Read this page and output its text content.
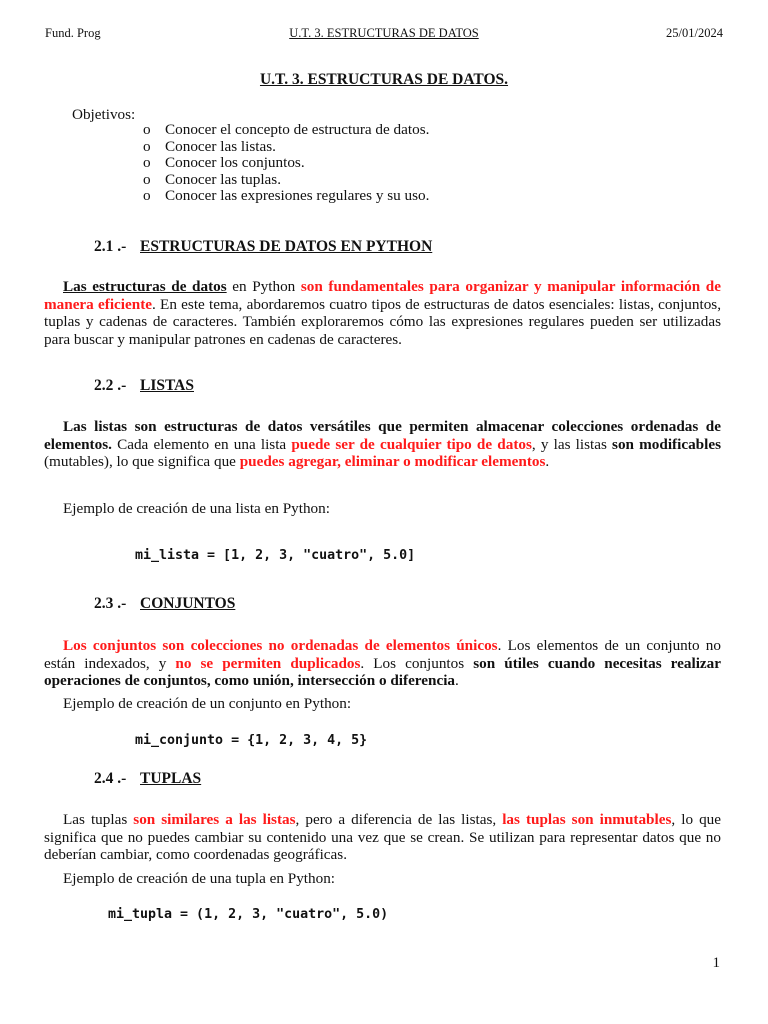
Fund. Prog	U.T. 3. ESTRUCTURAS DE DATOS	25/01/2024
U.T. 3. ESTRUCTURAS DE DATOS.
Objetivos:
o Conocer el concepto de estructura de datos.
o Conocer las listas.
o Conocer los conjuntos.
o Conocer las tuplas.
o Conocer las expresiones regulares y su uso.
2.1 .- ESTRUCTURAS DE DATOS EN PYTHON

Las estructuras de datos en Python son fundamentales para organizar y manipular información de manera eficiente. En este tema, abordaremos cuatro tipos de estructuras de datos esenciales: listas, conjuntos, tuplas y cadenas de caracteres. También exploraremos cómo las expresiones regulares pueden ser utilizadas para buscar y manipular patrones en cadenas de caracteres.

2.2 .- LISTAS

Las listas son estructuras de datos versátiles que permiten almacenar colecciones ordenadas de elementos. Cada elemento en una lista puede ser de cualquier tipo de datos, y las listas son modificables (mutables), lo que significa que puedes agregar, eliminar o modificar elementos.

Ejemplo de creación de una lista en Python:
mi_lista = [1, 2, 3, "cuatro", 5.0]
2.3 .- CONJUNTOS

Los conjuntos son colecciones no ordenadas de elementos únicos. Los elementos de un conjunto no están indexados, y no se permiten duplicados. Los conjuntos son útiles cuando necesitas realizar operaciones de conjuntos, como unión, intersección o diferencia.

Ejemplo de creación de un conjunto en Python:
mi_conjunto = {1, 2, 3, 4, 5}
2.4 .- TUPLAS

Las tuplas son similares a las listas, pero a diferencia de las listas, las tuplas son inmutables, lo que significa que no puedes cambiar su contenido una vez que se crean. Se utilizan para representar datos que no deberían cambiar, como coordenadas geográficas.

Ejemplo de creación de una tupla en Python:
mi_tupla = (1, 2, 3, "cuatro", 5.0)
1
